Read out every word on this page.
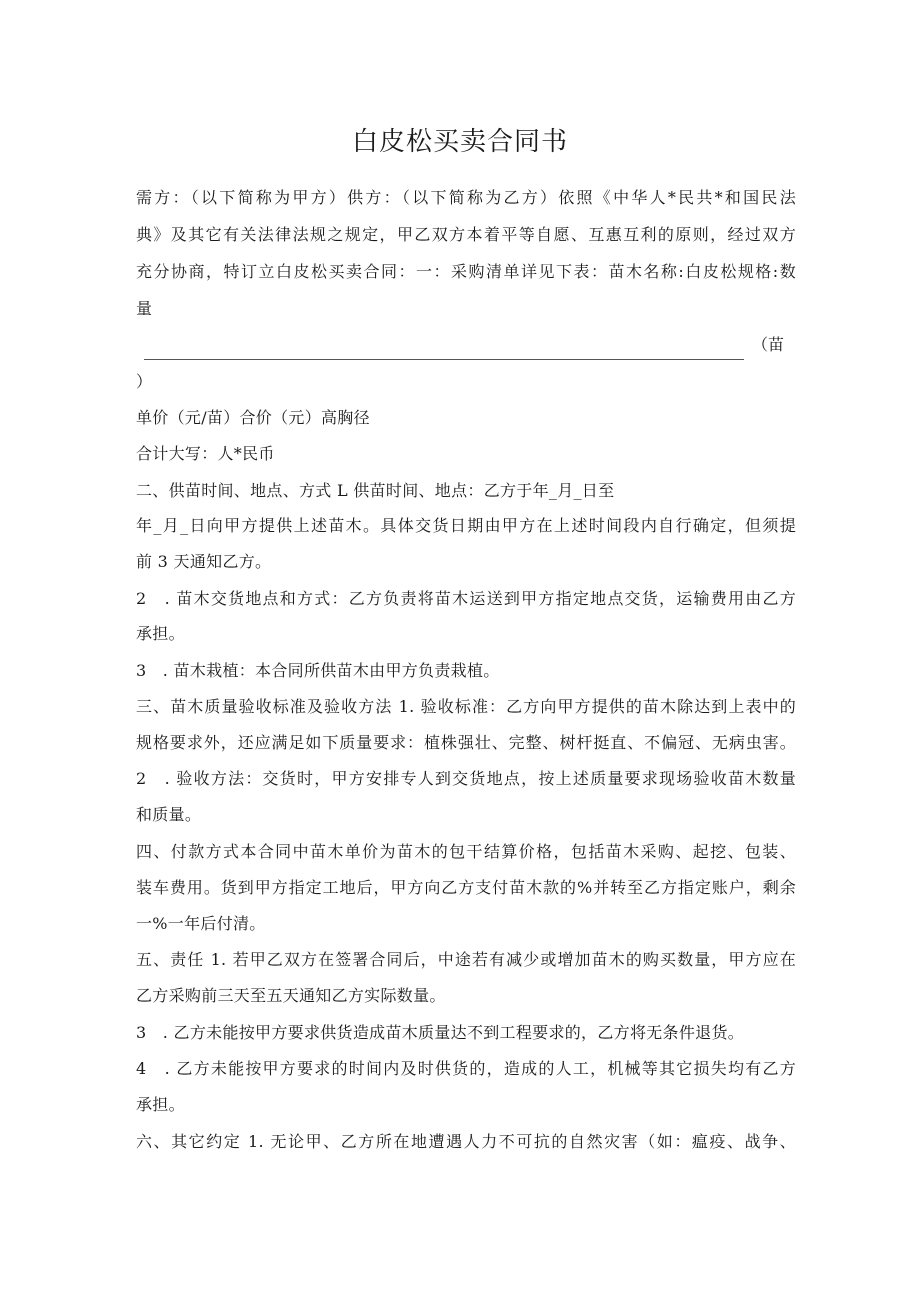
白皮松买卖合同书
需方：（以下简称为甲方）供方：（以下简称为乙方）依照《中华人*民共*和国民法
典》及其它有关法律法规之规定，甲乙双方本着平等自愿、互惠互利的原则，经过双方
充分协商，特订立白皮松买卖合同：一：采购清单详见下表：苗木名称:白皮松规格:数
量
（苗
）
单价（元/苗）合价（元）高胸径
合计大写：人*民币
二、供苗时间、地点、方式 L 供苗时间、地点：乙方于年_月_日至
年_月_日向甲方提供上述苗木。具体交货日期由甲方在上述时间段内自行确定，但须提
前 3 天通知乙方。
2　. 苗木交货地点和方式：乙方负责将苗木运送到甲方指定地点交货，运输费用由乙方
承担。
3　. 苗木栽植：本合同所供苗木由甲方负责栽植。
三、苗木质量验收标准及验收方法 1. 验收标准：乙方向甲方提供的苗木除达到上表中的
规格要求外，还应满足如下质量要求：植株强壮、完整、树杆挺直、不偏冠、无病虫害。
2　. 验收方法：交货时，甲方安排专人到交货地点，按上述质量要求现场验收苗木数量
和质量。
四、付款方式本合同中苗木单价为苗木的包干结算价格，包括苗木采购、起挖、包装、
装车费用。货到甲方指定工地后，甲方向乙方支付苗木款的%并转至乙方指定账户，剩余
一%一年后付清。
五、责任 1. 若甲乙双方在签署合同后，中途若有减少或增加苗木的购买数量，甲方应在
乙方采购前三天至五天通知乙方实际数量。
3　. 乙方未能按甲方要求供货造成苗木质量达不到工程要求的，乙方将无条件退货。
4　. 乙方未能按甲方要求的时间内及时供货的，造成的人工，机械等其它损失均有乙方
承担。
六、其它约定 1. 无论甲、乙方所在地遭遇人力不可抗的自然灾害（如：瘟疫、战争、
